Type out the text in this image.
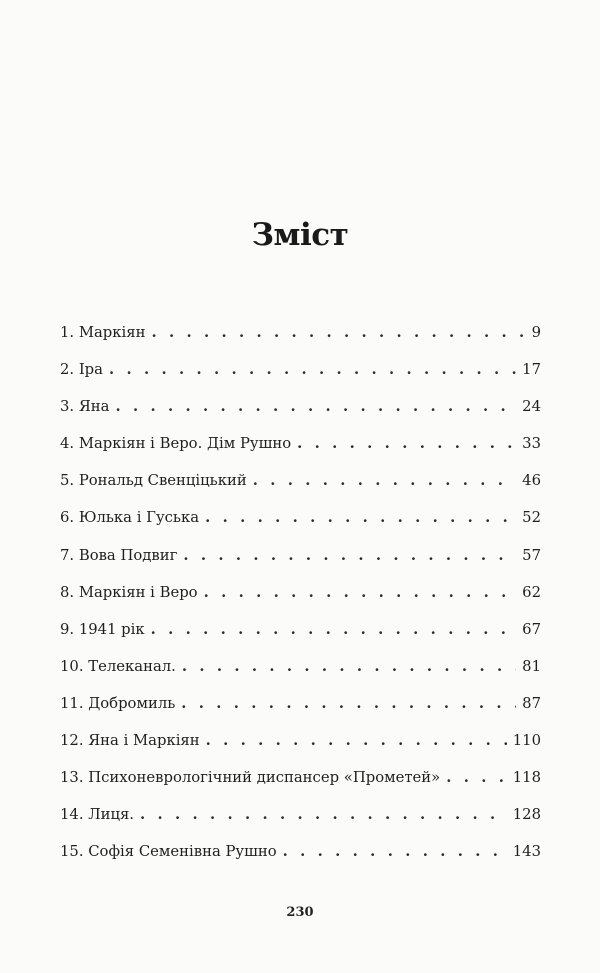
Зміст
1. Маркіян . . .	9
2. Іра . . .	17
3. Яна . . .	24
4. Маркіян і Веро. Дім Рушно . . .	33
5. Рональд Свенціцький . . .	46
6. Юлька і Гуська . . .	52
7. Вова Подвиг . . .	57
8. Маркіян і Веро . . .	62
9. 1941 рік . . .	67
10. Телеканал. . . .	81
11. Добромиль . . .	87
12. Яна і Маркіян . . .	110
13. Психоневрологічний диспансер «Прометей» . . .	118
14. Лиця. . . .	128
15. Софія Семенівна Рушно . . .	143
230
